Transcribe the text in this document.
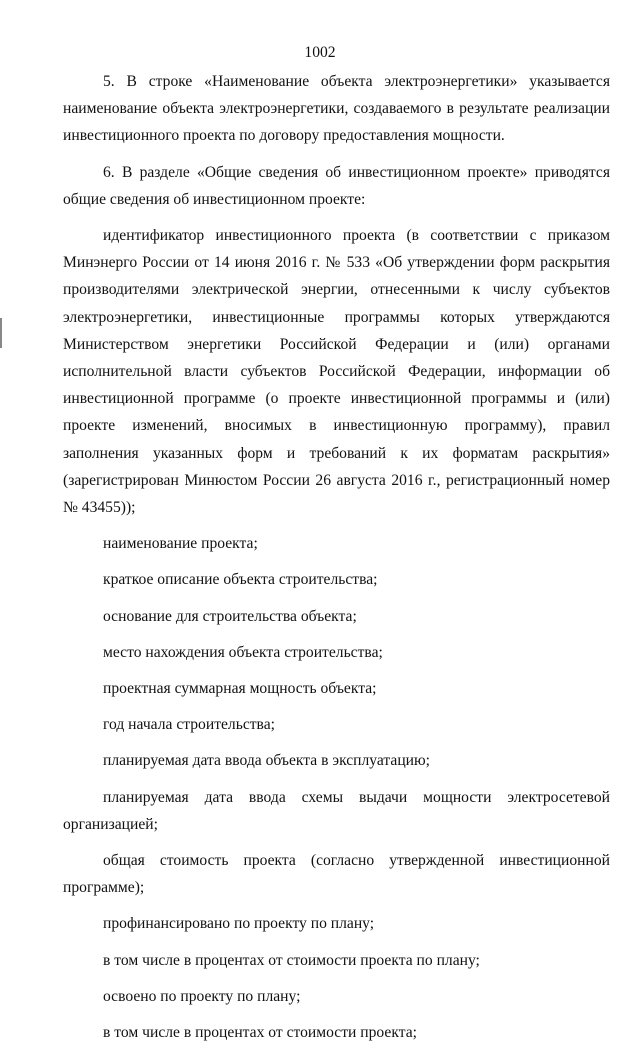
1002

5. В строке «Наименование объекта электроэнергетики» указывается наименование объекта электроэнергетики, создаваемого в результате реализации инвестиционного проекта по договору предоставления мощности.

6. В разделе «Общие сведения об инвестиционном проекте» приводятся общие сведения об инвестиционном проекте:

идентификатор инвестиционного проекта (в соответствии с приказом Минэнерго России от 14 июня 2016 г. № 533 «Об утверждении форм раскрытия производителями электрической энергии, отнесенными к числу субъектов электроэнергетики, инвестиционные программы которых утверждаются Министерством энергетики Российской Федерации и (или) органами исполнительной власти субъектов Российской Федерации, информации об инвестиционной программе (о проекте инвестиционной программы и (или) проекте изменений, вносимых в инвестиционную программу), правил заполнения указанных форм и требований к их форматам раскрытия» (зарегистрирован Минюстом России 26 августа 2016 г., регистрационный номер № 43455));

наименование проекта;

краткое описание объекта строительства;

основание для строительства объекта;

место нахождения объекта строительства;

проектная суммарная мощность объекта;

год начала строительства;

планируемая дата ввода объекта в эксплуатацию;

планируемая дата ввода схемы выдачи мощности электросетевой организацией;

общая стоимость проекта (согласно утвержденной инвестиционной программе);

профинансировано по проекту по плану;

в том числе в процентах от стоимости проекта по плану;

освоено по проекту по плану;

в том числе в процентах от стоимости проекта;
